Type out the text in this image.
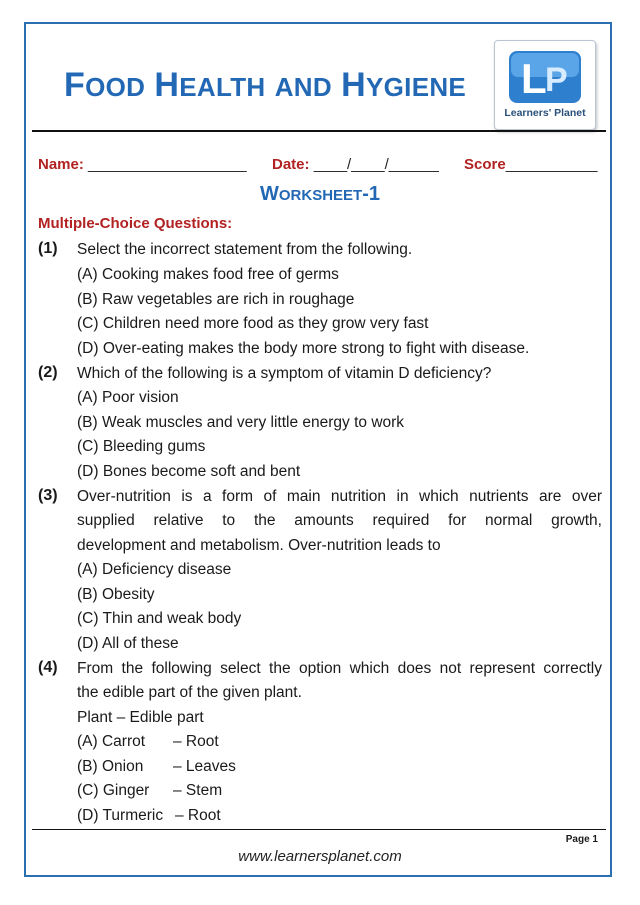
FOOD HEALTH AND HYGIENE L
P
Learners' Planet
Name: ___________________ Date: ____/____/______ Score___________
WORKSHEET-1
Multiple-Choice Questions:
(1) Select the incorrect statement from the following.
(A) Cooking makes food free of germs
(B) Raw vegetables are rich in roughage
(C) Children need more food as they grow very fast
(D) Over-eating makes the body more strong to fight with disease.
(2) Which of the following is a symptom of vitamin D deficiency?
(A) Poor vision
(B) Weak muscles and very little energy to work
(C) Bleeding gums
(D) Bones become soft and bent
(3) Over-nutrition is a form of main nutrition in which nutrients are over
supplied relative to the amounts required for normal growth,
development and metabolism. Over-nutrition leads to
(A) Deficiency disease
(B) Obesity
(C) Thin and weak body
(D) All of these
(4) From the following select the option which does not represent correctly
the edible part of the given plant.
Plant – Edible part
(A) Carrot – Root
(B) Onion – Leaves
(C) Ginger – Stem
(D) Turmeric – Root
Page 1
www.learnersplanet.com
